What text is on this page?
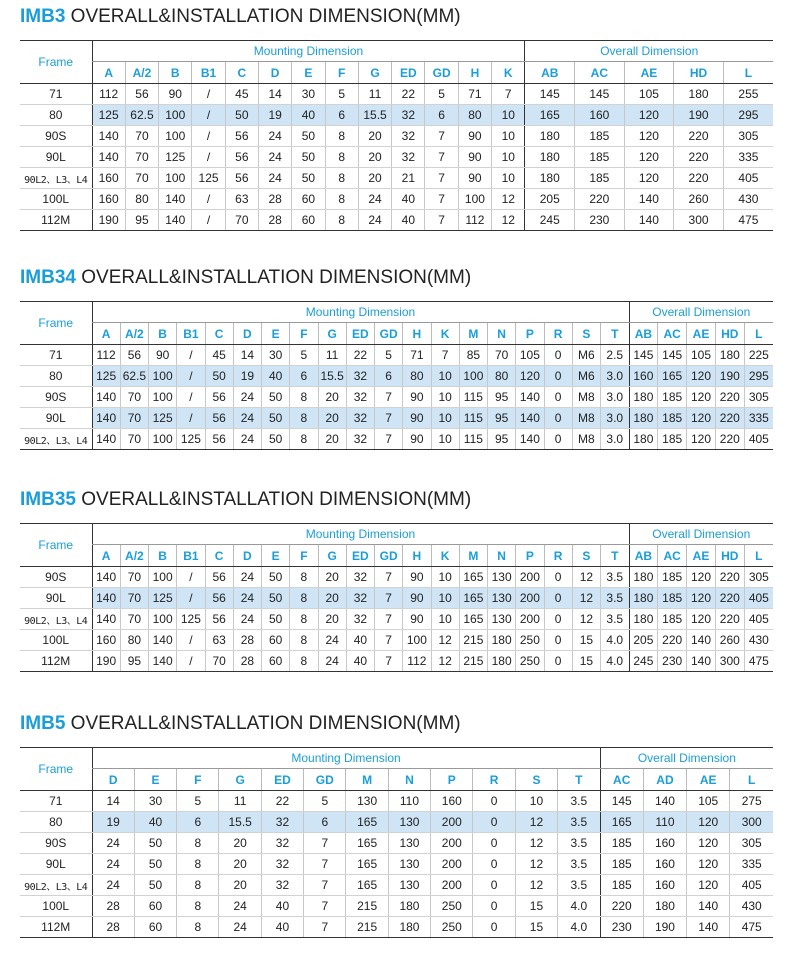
IMB3 OVERALL&INSTALLATION DIMENSION(MM)
Frame	Mounting Dimension													Overall Dimension				
	A	A/2	B	B1	C	D	E	F	G	ED	GD	H	K	AB	AC	AE	HD	L
71	112	56	90	/	45	14	30	5	11	22	5	71	7	145	145	105	180	255
80	125	62.5	100	/	50	19	40	6	15.5	32	6	80	10	165	160	120	190	295
90S	140	70	100	/	56	24	50	8	20	32	7	90	10	180	185	120	220	305
90L	140	70	125	/	56	24	50	8	20	32	7	90	10	180	185	120	220	335
90L2、L3、L4	160	70	100	125	56	24	50	8	20	21	7	90	10	180	185	120	220	405
100L	160	80	140	/	63	28	60	8	24	40	7	100	12	205	220	140	260	430
112M	190	95	140	/	70	28	60	8	24	40	7	112	12	245	230	140	300	475
IMB34 OVERALL&INSTALLATION DIMENSION(MM)
Frame	Mounting Dimension																			Overall Dimension				
	A	A/2	B	B1	C	D	E	F	G	ED	GD	H	K	M	N	P	R	S	T	AB	AC	AE	HD	L
71	112	56	90	/	45	14	30	5	11	22	5	71	7	85	70	105	0	M6	2.5	145	145	105	180	225
80	125	62.5	100	/	50	19	40	6	15.5	32	6	80	10	100	80	120	0	M6	3.0	160	165	120	190	295
90S	140	70	100	/	56	24	50	8	20	32	7	90	10	115	95	140	0	M8	3.0	180	185	120	220	305
90L	140	70	125	/	56	24	50	8	20	32	7	90	10	115	95	140	0	M8	3.0	180	185	120	220	335
90L2、L3、L4	140	70	100	125	56	24	50	8	20	32	7	90	10	115	95	140	0	M8	3.0	180	185	120	220	405
IMB35 OVERALL&INSTALLATION DIMENSION(MM)
Frame	Mounting Dimension																			Overall Dimension				
	A	A/2	B	B1	C	D	E	F	G	ED	GD	H	K	M	N	P	R	S	T	AB	AC	AE	HD	L
90S	140	70	100	/	56	24	50	8	20	32	7	90	10	165	130	200	0	12	3.5	180	185	120	220	305
90L	140	70	125	/	56	24	50	8	20	32	7	90	10	165	130	200	0	12	3.5	180	185	120	220	405
90L2、L3、L4	140	70	100	125	56	24	50	8	20	32	7	90	10	165	130	200	0	12	3.5	180	185	120	220	405
100L	160	80	140	/	63	28	60	8	24	40	7	100	12	215	180	250	0	15	4.0	205	220	140	260	430
112M	190	95	140	/	70	28	60	8	24	40	7	112	12	215	180	250	0	15	4.0	245	230	140	300	475
IMB5 OVERALL&INSTALLATION DIMENSION(MM)
Frame	Mounting Dimension												Overall Dimension			
	D	E	F	G	ED	GD	M	N	P	R	S	T	AC	AD	AE	L
71	14	30	5	11	22	5	130	110	160	0	10	3.5	145	140	105	275
80	19	40	6	15.5	32	6	165	130	200	0	12	3.5	165	110	120	300
90S	24	50	8	20	32	7	165	130	200	0	12	3.5	185	160	120	305
90L	24	50	8	20	32	7	165	130	200	0	12	3.5	185	160	120	335
90L2、L3、L4	24	50	8	20	32	7	165	130	200	0	12	3.5	185	160	120	405
100L	28	60	8	24	40	7	215	180	250	0	15	4.0	220	180	140	430
112M	28	60	8	24	40	7	215	180	250	0	15	4.0	230	190	140	475
